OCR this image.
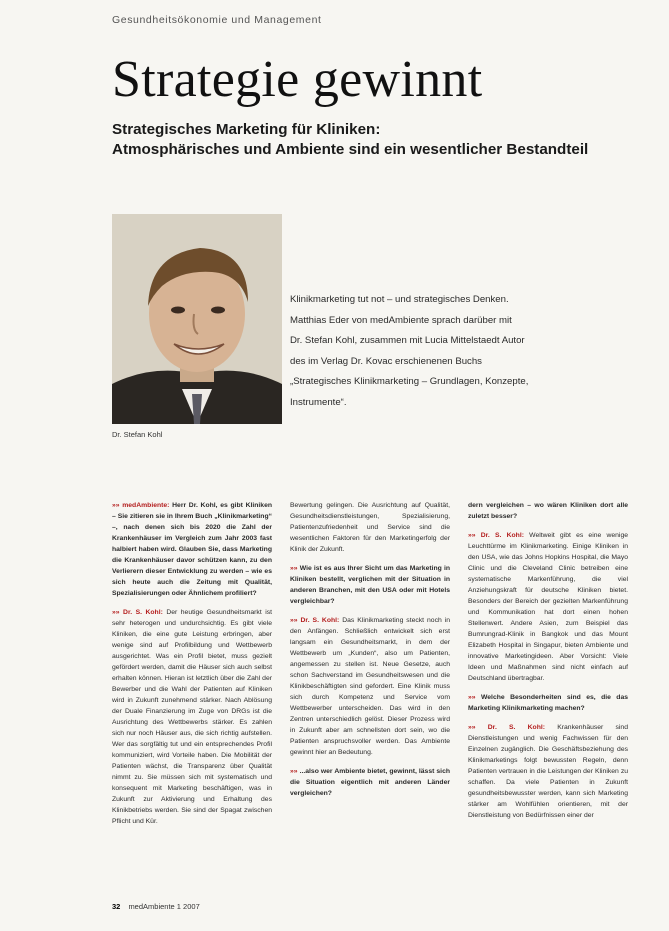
Gesundheitsökonomie und Management
Strategie gewinnt
Strategisches Marketing für Kliniken:
Atmosphärisches und Ambiente sind ein wesentlicher Bestandteil
Dr. Stefan Kohl
Klinikmarketing tut not – und strategisches Denken.
Matthias Eder von medAmbiente sprach darüber mit
Dr. Stefan Kohl, zusammen mit Lucia Mittelstaedt Autor
des im Verlag Dr. Kovac erschienenen Buchs
„Strategisches Klinikmarketing – Grundlagen, Konzepte,
Instrumente“.

»» medAmbiente: Herr Dr. Kohl, es gibt Kliniken – Sie zitieren sie in Ihrem Buch „Klinikmarketing“ –, nach denen sich bis 2020 die Zahl der Krankenhäuser im Vergleich zum Jahr 2003 fast halbiert haben wird. Glauben Sie, dass Marketing die Krankenhäuser davor schützen kann, zu den Verlierern dieser Entwicklung zu werden – wie es sich heute auch die Zeitung mit Qualität, Spezialisierungen oder Ähnlichem profiliert?

»» Dr. S. Kohl: Der heutige Gesundheitsmarkt ist sehr heterogen und undurchsichtig. Es gibt viele Kliniken, die eine gute Leistung erbringen, aber wenige sind auf Profilbildung und Wettbewerb ausgerichtet. Was ein Profil bietet, muss gezielt gefördert werden, damit die Häuser sich auch selbst erhalten können. Hieran ist letztlich über die Zahl der Bewerber und die Wahl der Patienten auf Kliniken wird in Zukunft zunehmend stärker. Nach Ablösung der Duale Finanzierung im Zuge von DRGs ist die Ausrichtung des Wettbewerbs stärker. Es zahlen sich nur noch Häuser aus, die sich richtig aufstellen. Wer das sorgfältig tut und ein entsprechendes Profil kommuniziert, wird Vorteile haben. Die Mobilität der Patienten wächst, die Transparenz über Qualität nimmt zu. Sie müssen sich mit systematisch und konsequent mit Marketing beschäftigen, was in Zukunft zur Aktivierung und Erhaltung des Klinikbetriebs werden. Sie sind der Spagat zwischen Pflicht und Kür.

Bewertung gelingen. Die Ausrichtung auf Qualität, Gesundheitsdienstleistungen, Spezialisierung, Patientenzufriedenheit und Service sind die wesentlichen Faktoren für den Marketingerfolg der Klinik der Zukunft.

»» Wie ist es aus Ihrer Sicht um das Marketing in Kliniken bestellt, verglichen mit der Situation in anderen Branchen, mit den USA oder mit Hotels vergleichbar?

»» Dr. S. Kohl: Das Klinikmarketing steckt noch in den Anfängen. Schließlich entwickelt sich erst langsam ein Gesundheitsmarkt, in dem der Wettbewerb um „Kunden“, also um Patienten, angemessen zu stellen ist. Neue Gesetze, auch schon Sachverstand im Gesundheitswesen und die Klinikbeschäftigten sind gefordert. Eine Klinik muss sich durch Kompetenz und Service vom Wettbewerber unterscheiden. Das wird in den Zentren unterschiedlich gelöst. Dieser Prozess wird in Zukunft aber am schnellsten dort sein, wo die Patienten anspruchsvoller werden. Das Ambiente gewinnt hier an Bedeutung.

»» ...also wer Ambiente bietet, gewinnt, lässt sich die Situation eigentlich mit anderen Länder vergleichen?

dern vergleichen – wo wären Kliniken dort alle zuletzt besser?

»» Dr. S. Kohl: Weltweit gibt es eine wenige Leuchttürme im Klinikmarketing. Einige Kliniken in den USA, wie das Johns Hopkins Hospital, die Mayo Clinic und die Cleveland Clinic betreiben eine systematische Markenführung, die viel Anziehungskraft für deutsche Kliniken bietet. Besonders der Bereich der gezielten Markenführung und Kommunikation hat dort einen hohen Stellenwert. Andere Asien, zum Beispiel das Bumrungrad-Klinik in Bangkok und das Mount Elizabeth Hospital in Singapur, bieten Ambiente und innovative Marketingideen. Aber Vorsicht: Viele Ideen und Maßnahmen sind nicht einfach auf Deutschland übertragbar.

»» Welche Besonderheiten sind es, die das Marketing Klinikmarketing machen?

»» Dr. S. Kohl: Krankenhäuser sind Dienstleistungen und wenig Fachwissen für den Einzelnen zugänglich. Die Geschäftsbeziehung des Klinikmarketings folgt bewussten Regeln, denn Patienten vertrauen in die Leistungen der Kliniken zu schaffen. Da viele Patienten in Zukunft gesundheitsbewusster werden, kann sich Marketing stärker am Wohlfühlen orientieren, mit der Dienstleistung von Bedürfnissen einer der

32 medAmbiente 1 2007
